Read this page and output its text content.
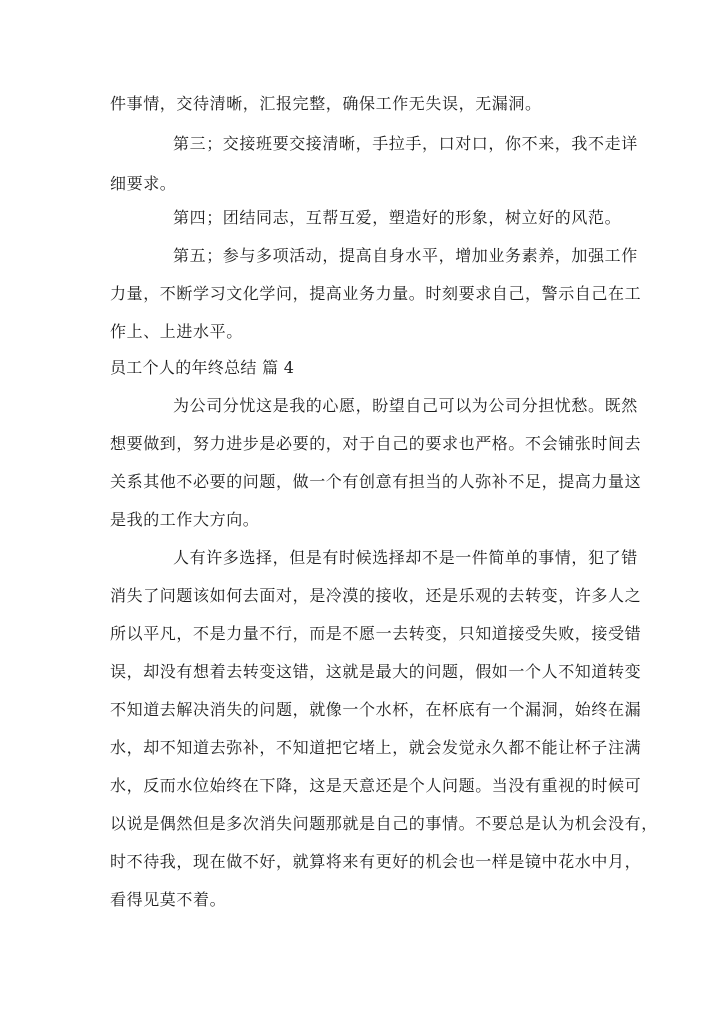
件事情，交待清晰，汇报完整，确保工作无失误，无漏洞。
第三；交接班要交接清晰，手拉手，口对口，你不来，我不走详
细要求。
第四；团结同志，互帮互爱，塑造好的形象，树立好的风范。
第五；参与多项活动，提高自身水平，增加业务素养，加强工作
力量，不断学习文化学问，提高业务力量。时刻要求自己，警示自己在工
作上、上进水平。
员工个人的年终总结 篇 4
为公司分忧这是我的心愿，盼望自己可以为公司分担忧愁。既然
想要做到，努力进步是必要的，对于自己的要求也严格。不会铺张时间去
关系其他不必要的问题，做一个有创意有担当的人弥补不足，提高力量这
是我的工作大方向。
人有许多选择，但是有时候选择却不是一件简单的事情，犯了错
消失了问题该如何去面对，是冷漠的接收，还是乐观的去转变，许多人之
所以平凡，不是力量不行，而是不愿一去转变，只知道接受失败，接受错
误，却没有想着去转变这错，这就是最大的问题，假如一个人不知道转变
不知道去解决消失的问题，就像一个水杯，在杯底有一个漏洞，始终在漏
水，却不知道去弥补，不知道把它堵上，就会发觉永久都不能让杯子注满
水，反而水位始终在下降，这是天意还是个人问题。当没有重视的时候可
以说是偶然但是多次消失问题那就是自己的事情。不要总是认为机会没有，
时不待我，现在做不好，就算将来有更好的机会也一样是镜中花水中月，
看得见莫不着。
